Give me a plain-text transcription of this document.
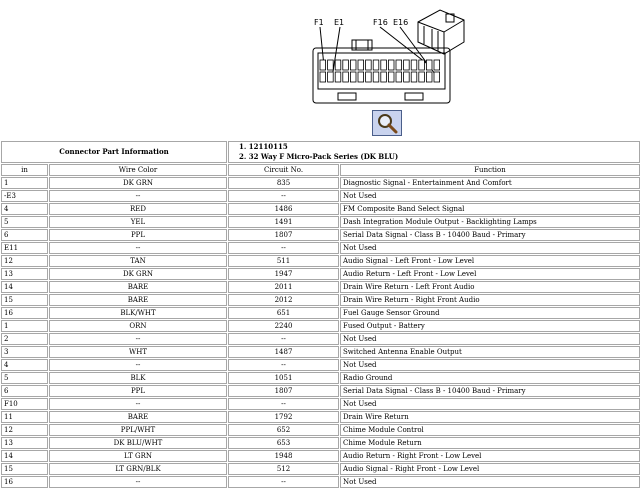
F1 E1	F16 E16
Connector Part Information		1. 12110115
2. 32 Way F Micro-Pack Series (DK BLU)	

in	Wire Color	Circuit No.	Function
1	DK GRN	835	Diagnostic Signal - Entertainment And Comfort
-E3	--	--	Not Used
4	RED	1486	FM Composite Band Select Signal
5	YEL	1491	Dash Integration Module Output - Backlighting Lamps
6	PPL	1807	Serial Data Signal - Class B - 10400 Baud - Primary
E11	--	--	Not Used
12	TAN	511	Audio Signal - Left Front - Low Level
13	DK GRN	1947	Audio Return - Left Front - Low Level
14	BARE	2011	Drain Wire Return - Left Front Audio
15	BARE	2012	Drain Wire Return - Right Front Audio
16	BLK/WHT	651	Fuel Gauge Sensor Ground
1	ORN	2240	Fused Output - Battery
2	--	--	Not Used
3	WHT	1487	Switched Antenna Enable Output
4	--	--	Not Used
5	BLK	1051	Radio Ground
6	PPL	1807	Serial Data Signal - Class B - 10400 Baud - Primary
F10	--	--	Not Used
11	BARE	1792	Drain Wire Return
12	PPL/WHT	652	Chime Module Control
13	DK BLU/WHT	653	Chime Module Return
14	LT GRN	1948	Audio Return - Right Front - Low Level
15	LT GRN/BLK	512	Audio Signal - Right Front - Low Level
16	--	--	Not Used
